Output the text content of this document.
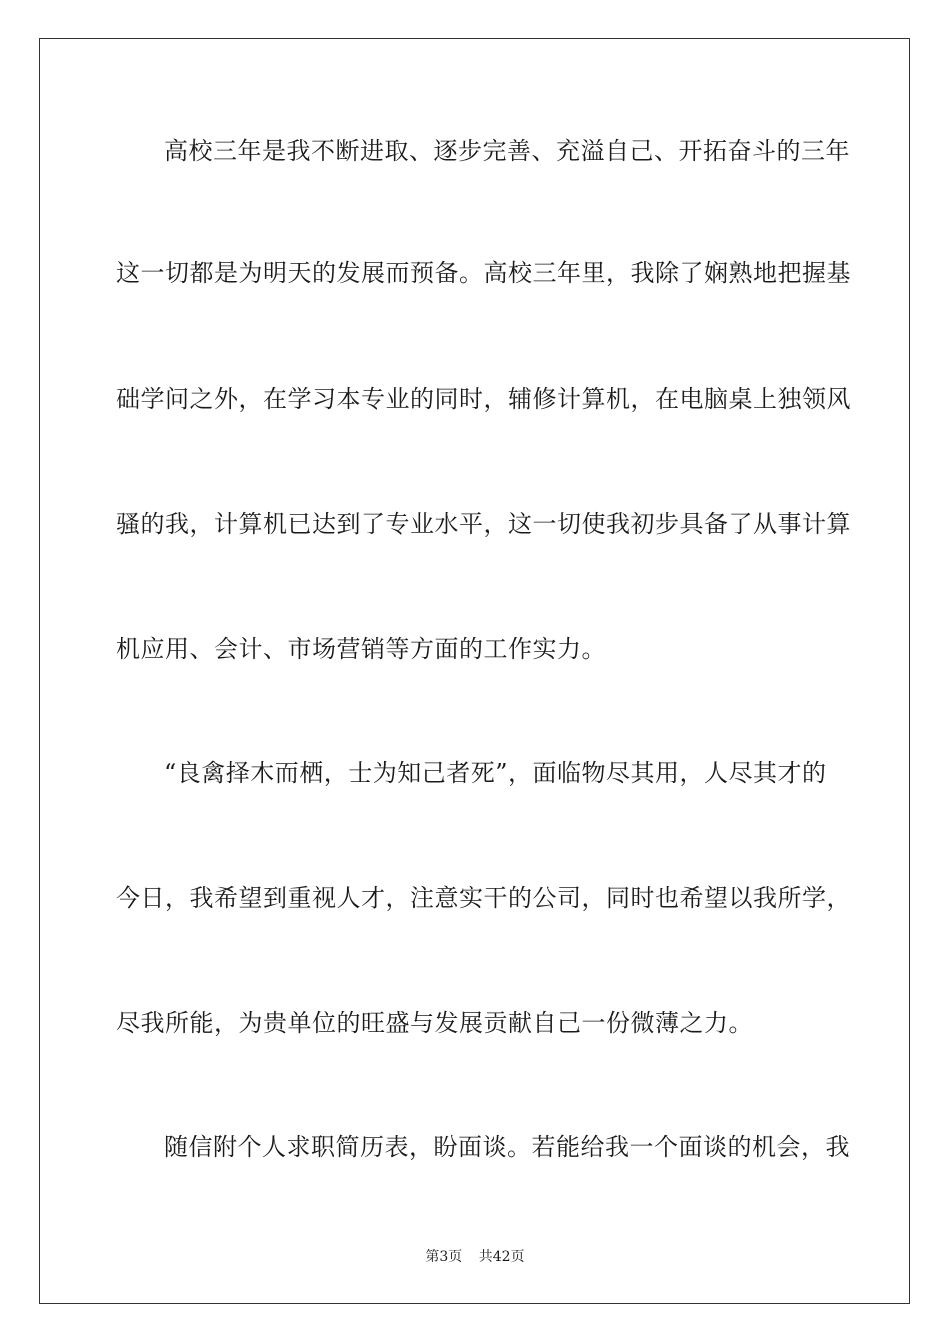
高校三年是我不断进取、逐步完善、充溢自己、开拓奋斗的三年
这一切都是为明天的发展而预备。高校三年里，我除了娴熟地把握基
础学问之外，在学习本专业的同时，辅修计算机，在电脑桌上独领风
骚的我，计算机已达到了专业水平，这一切使我初步具备了从事计算
机应用、会计、市场营销等方面的工作实力。
“良禽择木而栖，士为知己者死”，面临物尽其用，人尽其才的
今日，我希望到重视人才，注意实干的公司，同时也希望以我所学，
尽我所能，为贵单位的旺盛与发展贡献自己一份微薄之力。
随信附个人求职简历表，盼面谈。若能给我一个面谈的机会，我
第3页 共42页
